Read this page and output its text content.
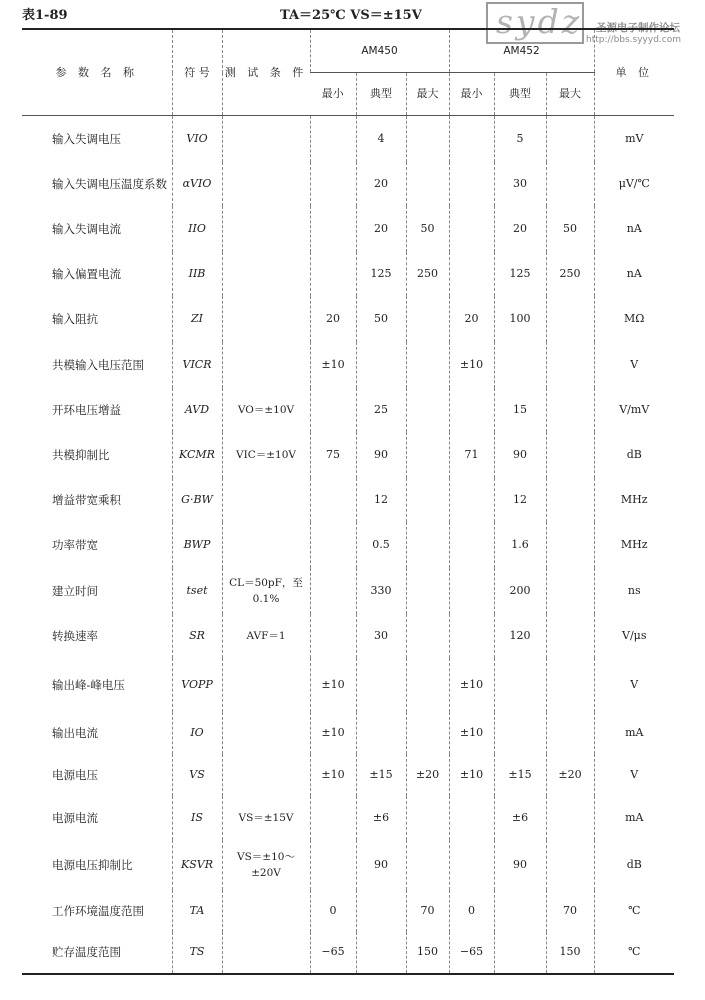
表1-89	TA＝25℃ VS＝±15V sydz 圣源电子制作论坛
http://bbs.syyyd.com
参 数 名 称	符 号	测 试 条 件	AM450			AM452			单 位
			最小	典型	最大	最小	典型	最大	
输入失调电压	VIO			4			5		mV
输入失调电压温度系数	αVIO			20			30		μV/℃
输入失调电流	IIO			20	50		20	50	nA
输入偏置电流	IIB			125	250		125	250	nA
输入阻抗	ZI		20	50		20	100		MΩ
共模输入电压范围	VICR		±10			±10			V
开环电压增益	AVD	VO＝±10V		25			15		V/mV
共模抑制比	KCMR	VIC＝±10V	75	90		71	90		dB
增益带宽乘积	G·BW			12			12		MHz
功率带宽	BWP			0.5			1.6		MHz
建立时间	tset	CL＝50pF，至0.1%		330			200		ns
转换速率	SR	AVF＝1		30			120		V/μs
输出峰-峰电压	VOPP		±10			±10			V
输出电流	IO		±10			±10			mA
电源电压	VS		±10	±15	±20	±10	±15	±20	V
电源电流	IS	VS＝±15V		±6			±6		mA
电源电压抑制比	KSVR	VS＝±10～±20V		90			90		dB
工作环境温度范围	TA		0		70	0		70	℃
贮存温度范围	TS		−65		150	−65		150	℃
